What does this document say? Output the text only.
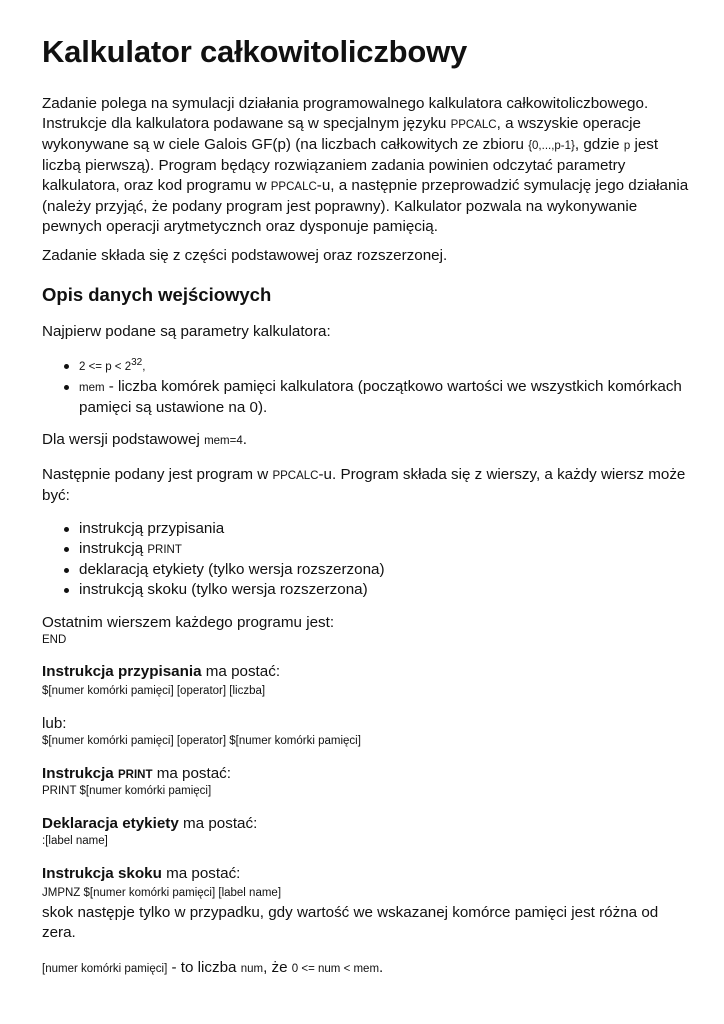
Kalkulator całkowitoliczbowy
Zadanie polega na symulacji działania programowalnego kalkulatora całkowitoliczbowego. Instrukcje dla kalkulatora podawane są w specjalnym języku PPCALC, a wszyskie operacje wykonywane są w ciele Galois GF(p) (na liczbach całkowitych ze zbioru {0,...,p-1}, gdzie p jest liczbą pierwszą). Program będący rozwiązaniem zadania powinien odczytać parametry kalkulatora, oraz kod programu w PPCALC-u, a następnie przeprowadzić symulację jego działania (należy przyjąć, że podany program jest poprawny). Kalkulator pozwala na wykonywanie pewnych operacji arytmetycznch oraz dysponuje pamięcią.
Zadanie składa się z części podstawowej oraz rozszerzonej.
Opis danych wejściowych
Najpierw podane są parametry kalkulatora:
$2 <= p < 2^{32}$,
mem - liczba komórek pamięci kalkulatora (początkowo wartości we wszystkich komórkach pamięci są ustawione na 0).
Dla wersji podstawowej mem=4.
Następnie podany jest program w PPCALC-u. Program składa się z wierszy, a każdy wiersz może być:
instrukcją przypisania
instrukcją PRINT
deklaracją etykiety (tylko wersja rozszerzona)
instrukcją skoku (tylko wersja rozszerzona)
Ostatnim wierszem każdego programu jest:
END
Instrukcja przypisania ma postać:
$[numer komórki pamięci] [operator] [liczba]
lub:
$[numer komórki pamięci] [operator] $[numer komórki pamięci]
Instrukcja PRINT ma postać:
PRINT $[numer komórki pamięci]
Deklaracja etykiety ma postać:
:[label name]
Instrukcja skoku ma postać:
JMPNZ $[numer komórki pamięci] [label name]
skok następje tylko w przypadku, gdy wartość we wskazanej komórce pamięci jest różna od zera.
[numer komórki pamięci] - to liczba num, że 0 <= num < mem.
